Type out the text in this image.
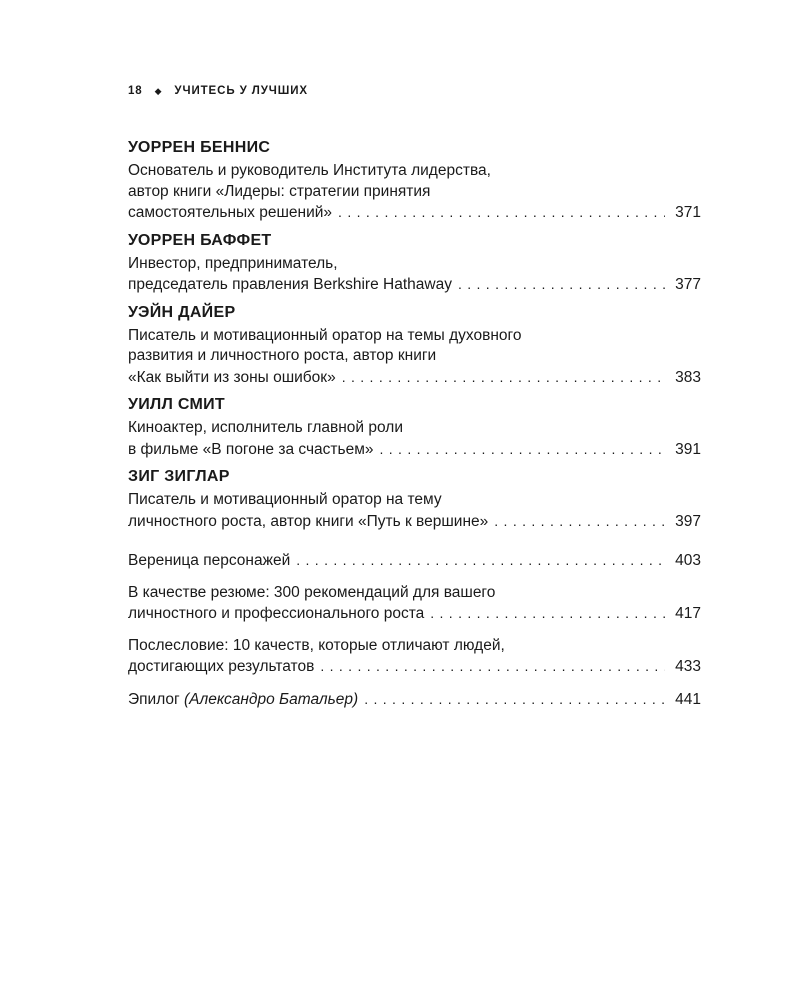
18 ◆ УЧИТЕСЬ У ЛУЧШИХ
УОРРЕН БЕННИС
Основатель и руководитель Института лидерства,
автор книги «Лидеры: стратегии принятия
самостоятельных решений» . . .	371
УОРРЕН БАФФЕТ
Инвестор, предприниматель,
председатель правления Berkshire Hathaway . . .	377
УЭЙН ДАЙЕР
Писатель и мотивационный оратор на темы духовного
развития и личностного роста, автор книги
«Как выйти из зоны ошибок» . . .	383
УИЛЛ СМИТ
Киноактер, исполнитель главной роли
в фильме «В погоне за счастьем» . . .	391
ЗИГ ЗИГЛАР
Писатель и мотивационный оратор на тему
личностного роста, автор книги «Путь к вершине» . . .	397
Вереница персонажей . . .	403
В качестве резюме: 300 рекомендаций для вашего
личностного и профессионального роста . . .	417
Послесловие: 10 качеств, которые отличают людей,
достигающих результатов . . .	433
Эпилог (Александро Батальер) . . .	441
